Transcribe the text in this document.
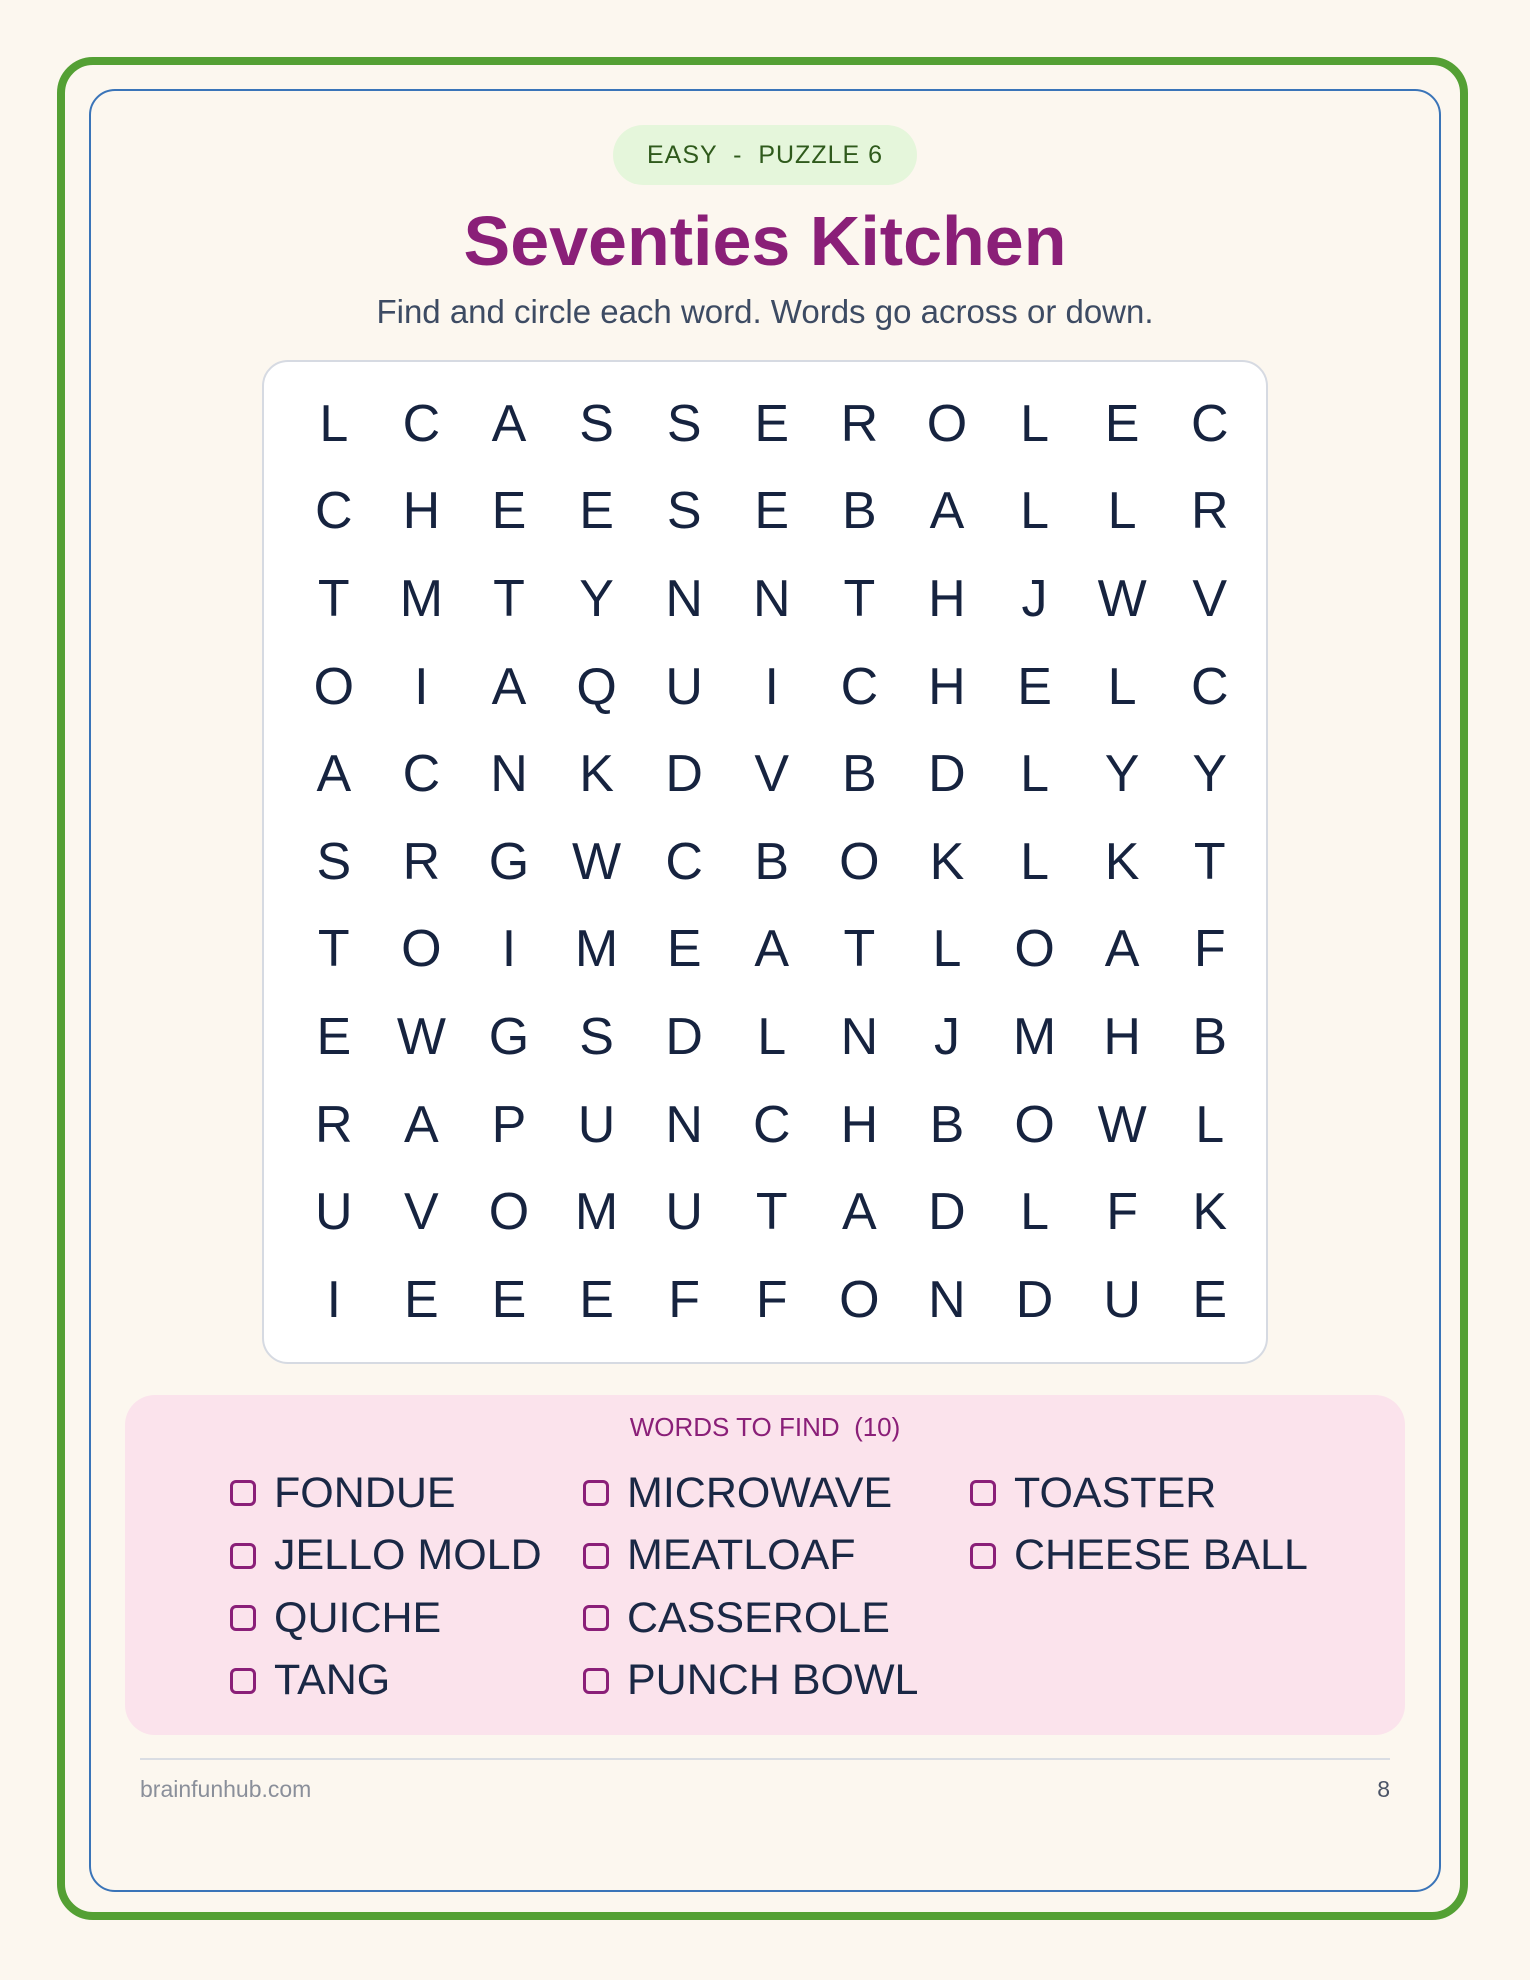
EASY  -  PUZZLE 6
Seventies Kitchen
Find and circle each word. Words go across or down.
L	C A	S	S	E R O	L	E C
C H E	E	S	E	B	A	L	L	R
T M T	Y N N	T	H	J W V
O	I	A Q U	I	C H E	L	C
A C N K D V	B D	L	Y	Y
S R G W C B O K	L	K	T
T O	I	M E	A	T	L	O A	F
E W G S D	L	N	J	M H B
R A	P U N C H B O W L
U V O M U	T	A D	L	F	K
I	E	E	E	F	F O N D U E
WORDS TO FIND  (10)
FONDUE
JELLO MOLD
QUICHE
TANG
MICROWAVE
MEATLOAF
CASSEROLE
PUNCH BOWL
TOASTER
CHEESE BALL
brainfunhub.com	8
